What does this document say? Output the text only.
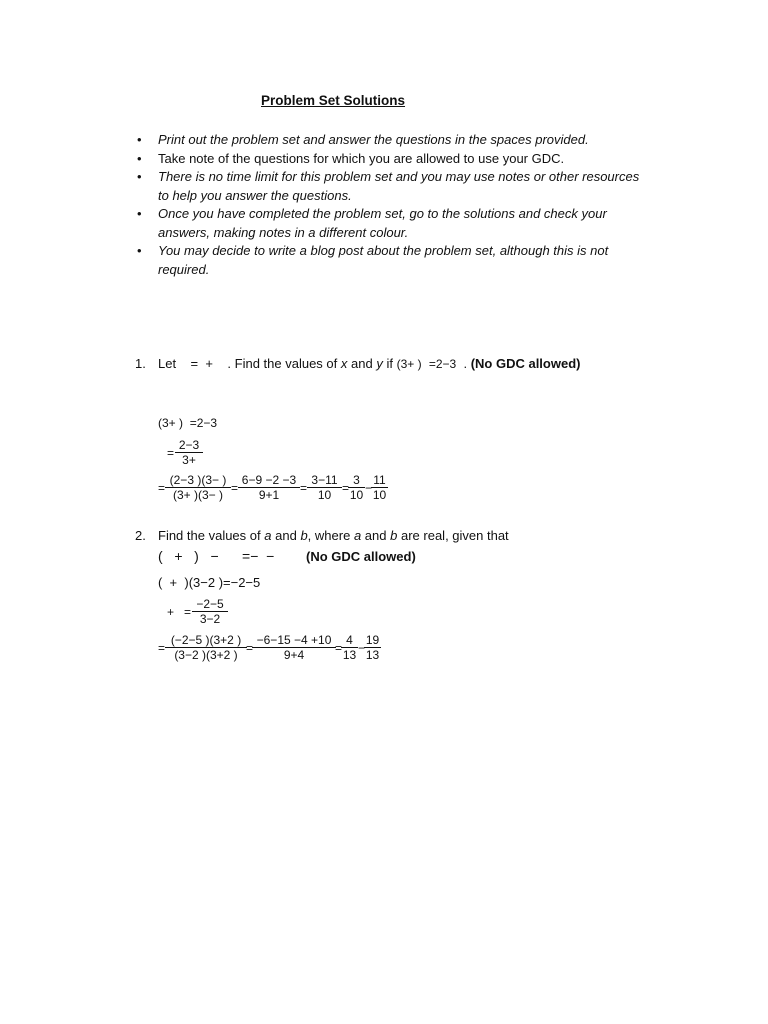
Problem Set Solutions
• Print out the problem set and answer the questions in the spaces provided.
• Take note of the questions for which you are allowed to use your GDC.
• There is no time limit for this problem set and you may use notes or other resources to help you answer the questions.
• Once you have completed the problem set, go to the solutions and check your answers, making notes in a different colour.
• You may decide to write a blog post about the problem set, although this is not required.
1. Let = + . Find the values of x and y if (3+ ) =2−3 . (No GDC allowed)
(3+ ) =2−3
= $\frac{2-3}{3+}$
= $\frac{(2-3 )(3- )}{(3+ )(3- )} = \frac{6-9 -2 -3}{9+1} = \frac{3-11}{10}$ =
$\frac{3}{10}$ −
$\frac{11}{10}$
2. Find the values of a and b, where a and b are real, given that
(   +   )   −      =−  − (No GDC allowed)
(  +  )(3−2 )=−2−5
+   = $\frac{-2-5}{3-2}$
= $\frac{(-2-5 )(3+2 )}{(3-2 )(3+2 )}$ =
$\frac{-6-15 -4 +10}{9+4}$ =
$\frac{4}{13}$ −
$\frac{19}{13}$
